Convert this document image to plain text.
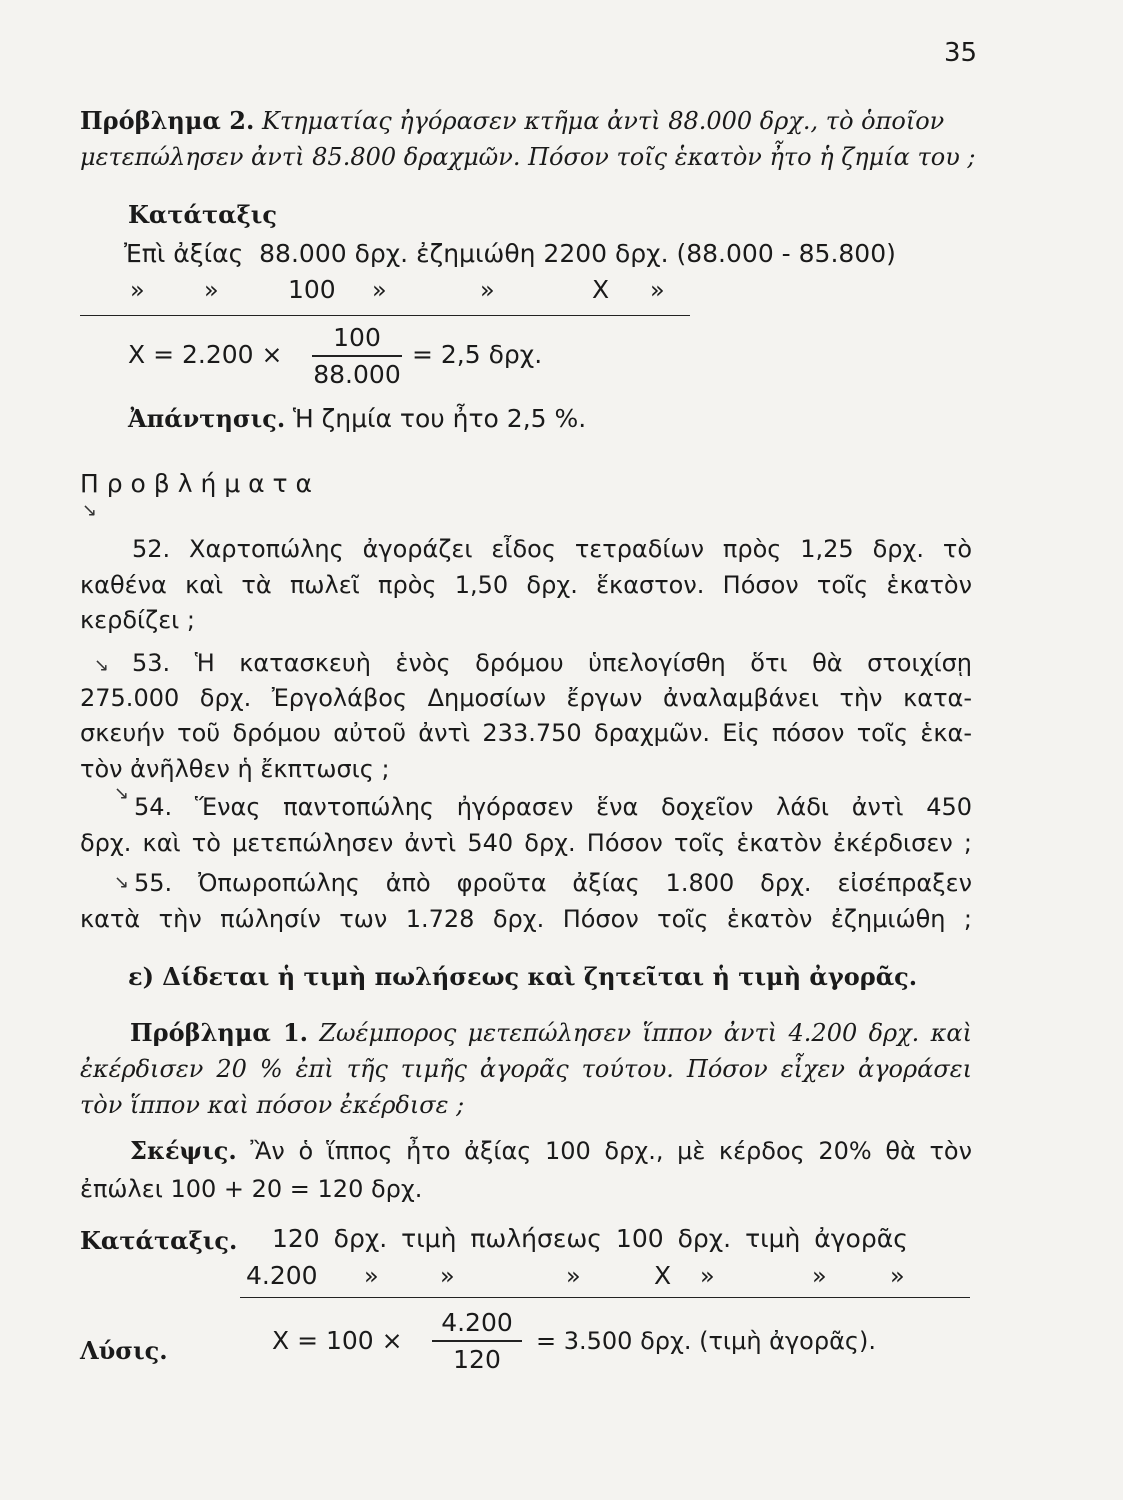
35
Πρόβλημα 2. Κτηματίας ἠγόρασεν κτῆμα ἀντὶ 88.000 δρχ., τὸ ὁποῖον
μετεπώλησεν ἀντὶ 85.800 δραχμῶν. Πόσον τοῖς ἑκατὸν ἦτο ἡ ζημία του ;
Κατάταξις
Ἐπὶ ἀξίας  88.000 δρχ. ἐζημιώθη 2200 δρχ. (88.000 - 85.800)
» »	100 »	»	X »
X = 2.200 ×
100
88.000
= 2,5 δρχ.
Ἀπάντησις. Ἡ ζημία του ἦτο 2,5 %.
Π ρ ο β λ ή μ α τ α
↘
52. Χαρτοπώλης ἀγοράζει εἶδος τετραδίων πρὸς 1,25 δρχ. τὸ
καθένα καὶ τὰ πωλεῖ πρὸς 1,50 δρχ. ἕκαστον. Πόσον τοῖς ἑκατὸν
κερδίζει ;
↘ 53. Ἡ κατασκευὴ ἑνὸς δρόμου ὑπελογίσθη ὅτι θὰ στοιχίσῃ
275.000 δρχ. Ἐργολάβος Δημοσίων ἔργων ἀναλαμβάνει τὴν κατα-
σκευήν τοῦ δρόμου αὐτοῦ ἀντὶ 233.750 δραχμῶν. Εἰς πόσον τοῖς ἑκα-
τὸν ἀνῆλθεν ἡ ἔκπτωσις ;
↘ 54. Ἕνας παντοπώλης ἠγόρασεν ἕνα δοχεῖον λάδι ἀντὶ 450
δρχ. καὶ τὸ μετεπώλησεν ἀντὶ 540 δρχ. Πόσον τοῖς ἑκατὸν ἐκέρδισεν ;
↘ 55. Ὀπωροπώλης ἀπὸ φροῦτα ἀξίας 1.800 δρχ. εἰσέπραξεν
κατὰ τὴν πώλησίν των 1.728 δρχ. Πόσον τοῖς ἑκατὸν ἐζημιώθη ;
ε) Δίδεται ἡ τιμὴ πωλήσεως καὶ ζητεῖται ἡ τιμὴ ἀγορᾶς.
Πρόβλημα 1. Ζωέμπορος μετεπώλησεν ἵππον ἀντὶ 4.200 δρχ. καὶ
ἐκέρδισεν 20 % ἐπὶ τῆς τιμῆς ἀγορᾶς τούτου. Πόσον εἶχεν ἀγοράσει
τὸν ἵππον καὶ πόσον ἐκέρδισε ;
Σκέψις. Ἂν ὁ ἵππος ἦτο ἀξίας 100 δρχ., μὲ κέρδος 20% θὰ τὸν
ἐπώλει 100 + 20 = 120 δρχ.
Κατάταξις. 120 δρχ. τιμὴ πωλήσεως 100 δρχ. τιμὴ ἀγορᾶς
4.200 »	»	»	X »	»	»
Λύσις.	X = 100 ×
4.200
120
= 3.500 δρχ. (τιμὴ ἀγορᾶς).
